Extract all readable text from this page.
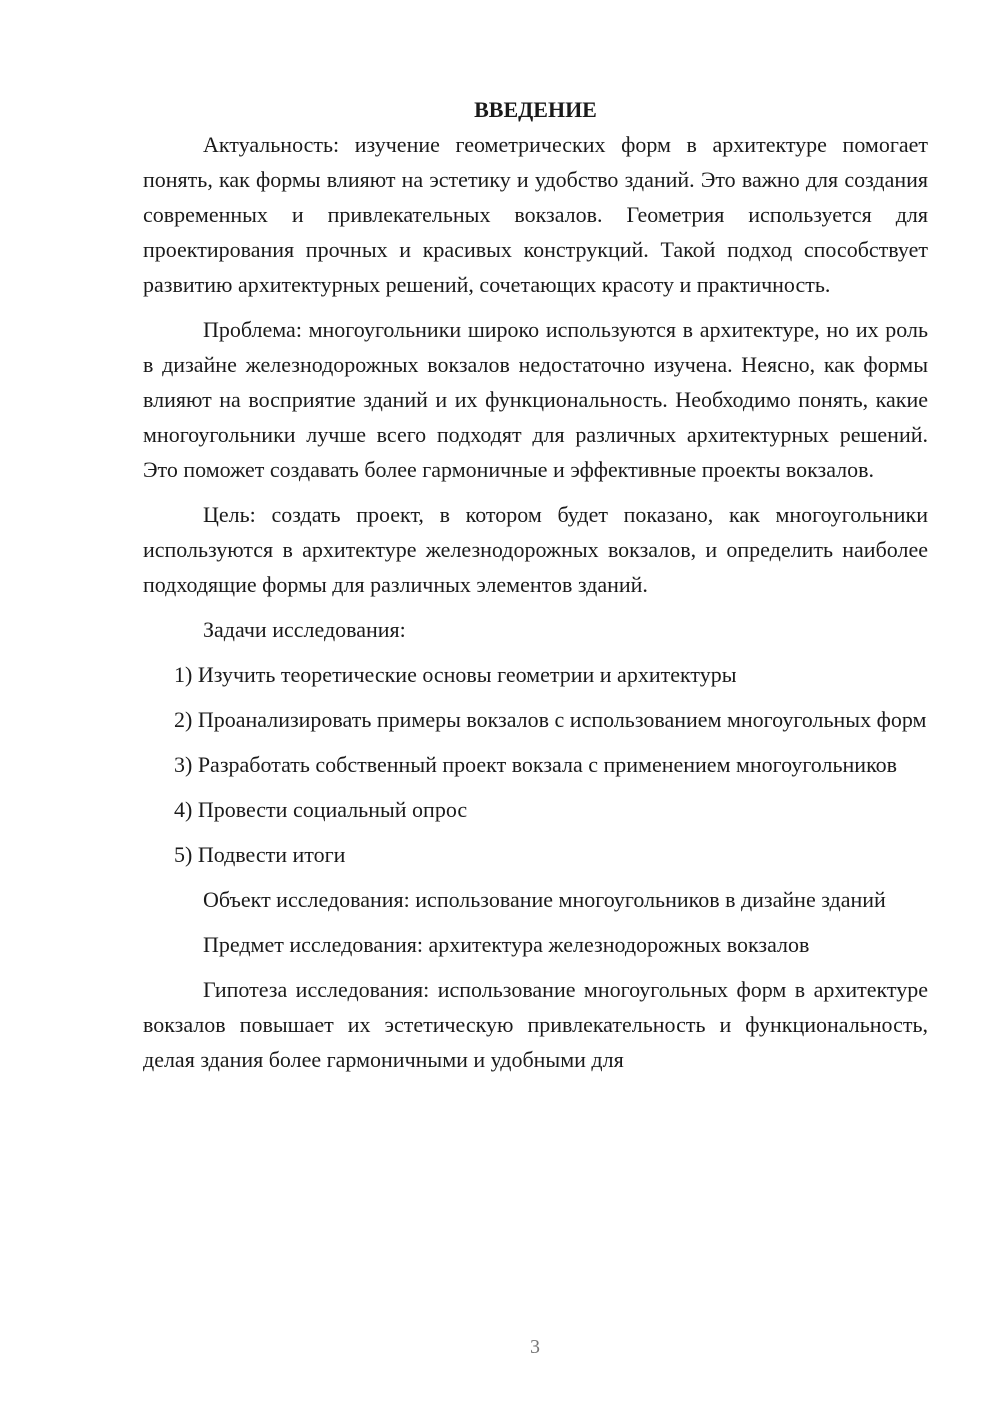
ВВЕДЕНИЕ

Актуальность: изучение геометрических форм в архитектуре помогает понять, как формы влияют на эстетику и удобство зданий. Это важно для создания современных и привлекательных вокзалов. Геометрия используется для проектирования прочных и красивых конструкций. Такой подход способствует развитию архитектурных решений, сочетающих красоту и практичность.

Проблема: многоугольники широко используются в архитектуре, но их роль в дизайне железнодорожных вокзалов недостаточно изучена. Неясно, как формы влияют на восприятие зданий и их функциональность. Необходимо понять, какие многоугольники лучше всего подходят для различных архитектурных решений. Это поможет создавать более гармоничные и эффективные проекты вокзалов.

Цель: создать проект, в котором будет показано, как многоугольники используются в архитектуре железнодорожных вокзалов, и определить наиболее подходящие формы для различных элементов зданий.

Задачи исследования:

1) Изучить теоретические основы геометрии и архитектуры

2) Проанализировать примеры вокзалов с использованием многоугольных форм

3) Разработать собственный проект вокзала с применением многоугольников

4) Провести социальный опрос

5) Подвести итоги

Объект исследования: использование многоугольников в дизайне зданий

Предмет исследования: архитектура железнодорожных вокзалов

Гипотеза исследования: использование многоугольных форм в архитектуре вокзалов повышает их эстетическую привлекательность и функциональность, делая здания более гармоничными и удобными для

3
